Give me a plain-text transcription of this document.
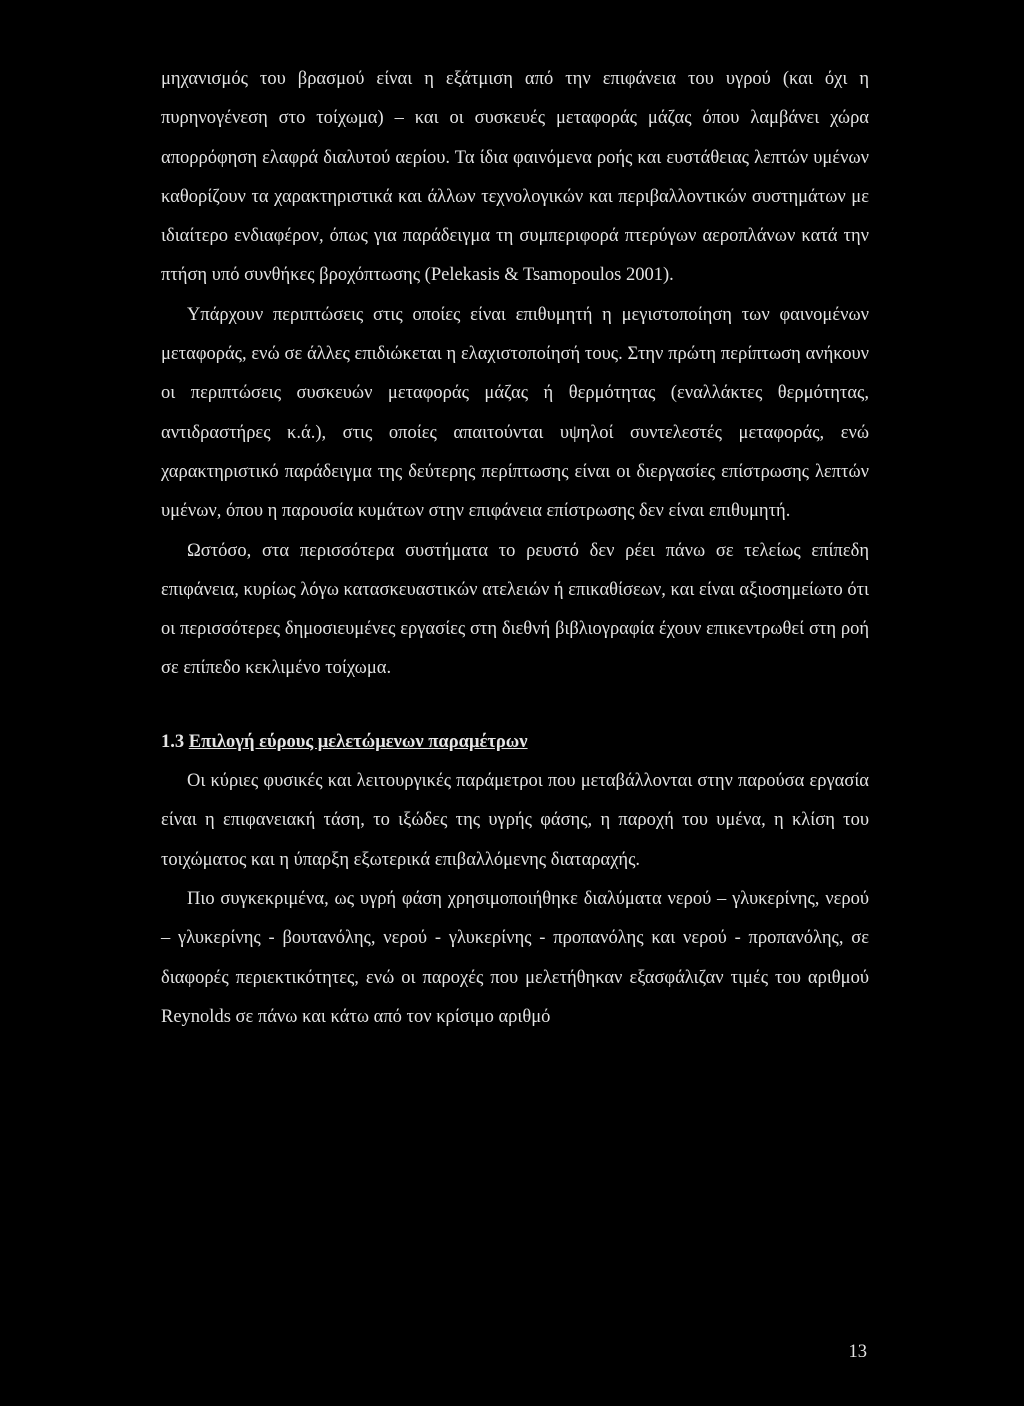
μηχανισμός του βρασμού είναι η εξάτμιση από την επιφάνεια του υγρού (και όχι η πυρηνογένεση στο τοίχωμα) – και οι συσκευές μεταφοράς μάζας όπου λαμβάνει χώρα απορρόφηση ελαφρά διαλυτού αερίου. Τα ίδια φαινόμενα ροής και ευστάθειας λεπτών υμένων καθορίζουν τα χαρακτηριστικά και άλλων τεχνολογικών και περιβαλλοντικών συστημάτων με ιδιαίτερο ενδιαφέρον, όπως για παράδειγμα τη συμπεριφορά πτερύγων αεροπλάνων κατά την πτήση υπό συνθήκες βροχόπτωσης (Pelekasis & Tsamopoulos 2001).

Υπάρχουν περιπτώσεις στις οποίες είναι επιθυμητή η μεγιστοποίηση των φαινομένων μεταφοράς, ενώ σε άλλες επιδιώκεται η ελαχιστοποίησή τους. Στην πρώτη περίπτωση ανήκουν οι περιπτώσεις συσκευών μεταφοράς μάζας ή θερμότητας (εναλλάκτες θερμότητας, αντιδραστήρες κ.ά.), στις οποίες απαιτούνται υψηλοί συντελεστές μεταφοράς, ενώ χαρακτηριστικό παράδειγμα της δεύτερης περίπτωσης είναι οι διεργασίες επίστρωσης λεπτών υμένων, όπου η παρουσία κυμάτων στην επιφάνεια επίστρωσης δεν είναι επιθυμητή.

Ωστόσο, στα περισσότερα συστήματα το ρευστό δεν ρέει πάνω σε τελείως επίπεδη επιφάνεια, κυρίως λόγω κατασκευαστικών ατελειών ή επικαθίσεων, και είναι αξιοσημείωτο ότι οι περισσότερες δημοσιευμένες εργασίες στη διεθνή βιβλιογραφία έχουν επικεντρωθεί στη ροή σε επίπεδο κεκλιμένο τοίχωμα.

1.3 Επιλογή εύρους μελετώμενων παραμέτρων

Οι κύριες φυσικές και λειτουργικές παράμετροι που μεταβάλλονται στην παρούσα εργασία είναι η επιφανειακή τάση, το ιξώδες της υγρής φάσης, η παροχή του υμένα, η κλίση του τοιχώματος και η ύπαρξη εξωτερικά επιβαλλόμενης διαταραχής.

Πιο συγκεκριμένα, ως υγρή φάση χρησιμοποιήθηκε διαλύματα νερού – γλυκερίνης, νερού – γλυκερίνης - βουτανόλης, νερού - γλυκερίνης - προπανόλης και νερού - προπανόλης, σε διαφορές περιεκτικότητες, ενώ οι παροχές που μελετήθηκαν εξασφάλιζαν τιμές του αριθμού Reynolds σε πάνω και κάτω από τον κρίσιμο αριθμό

13
